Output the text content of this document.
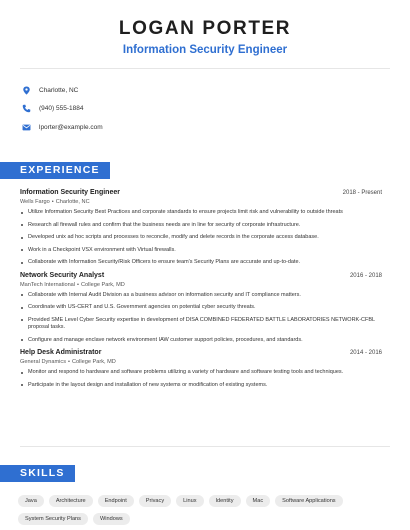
LOGAN PORTER
Information Security Engineer
Charlotte, NC
(940) 555-1884
lporter@example.com
EXPERIENCE
Information Security Engineer	2018 - Present
Wells Fargo • Charlotte, NC
Utilize Information Security Best Practices and corporate standards to ensure projects limit risk and vulnerability to outside threats
Research all firewall rules and confirm that the business needs are in line for security of corporate infrastructure.
Developed unix ad hoc scripts and processes to reconcile, modify and delete records in the corporate access database.
Work in a Checkpoint VSX environment with Virtual firewalls.
Collaborate with Information Security/Risk Officers to ensure team's Security Plans are accurate and up-to-date.
Network Security Analyst	2016 - 2018
ManTech International • College Park, MD
Collaborate with Internal Audit Division as a business advisor on information security and IT compliance matters.
Coordinate with US-CERT and U.S. Government agencies on potential cyber security threats.
Provided SME Level Cyber Security expertise in development of DISA COMBINED FEDERATED BATTLE LABORATORIES NETWORK-CFBL proposal tasks.
Configure and manage enclave network environment IAW customer support policies, procedures, and standards.
Help Desk Administrator	2014 - 2016
General Dynamics • College Park, MD
Monitor and respond to hardware and software problems utilizing a variety of hardware and software testing tools and techniques.
Participate in the layout design and installation of new systems or modification of existing systems.
SKILLS
Java	Architecture	Endpoint	Privacy	Linux	Identity	Mac	Software Applications
System Security Plans	Windows
